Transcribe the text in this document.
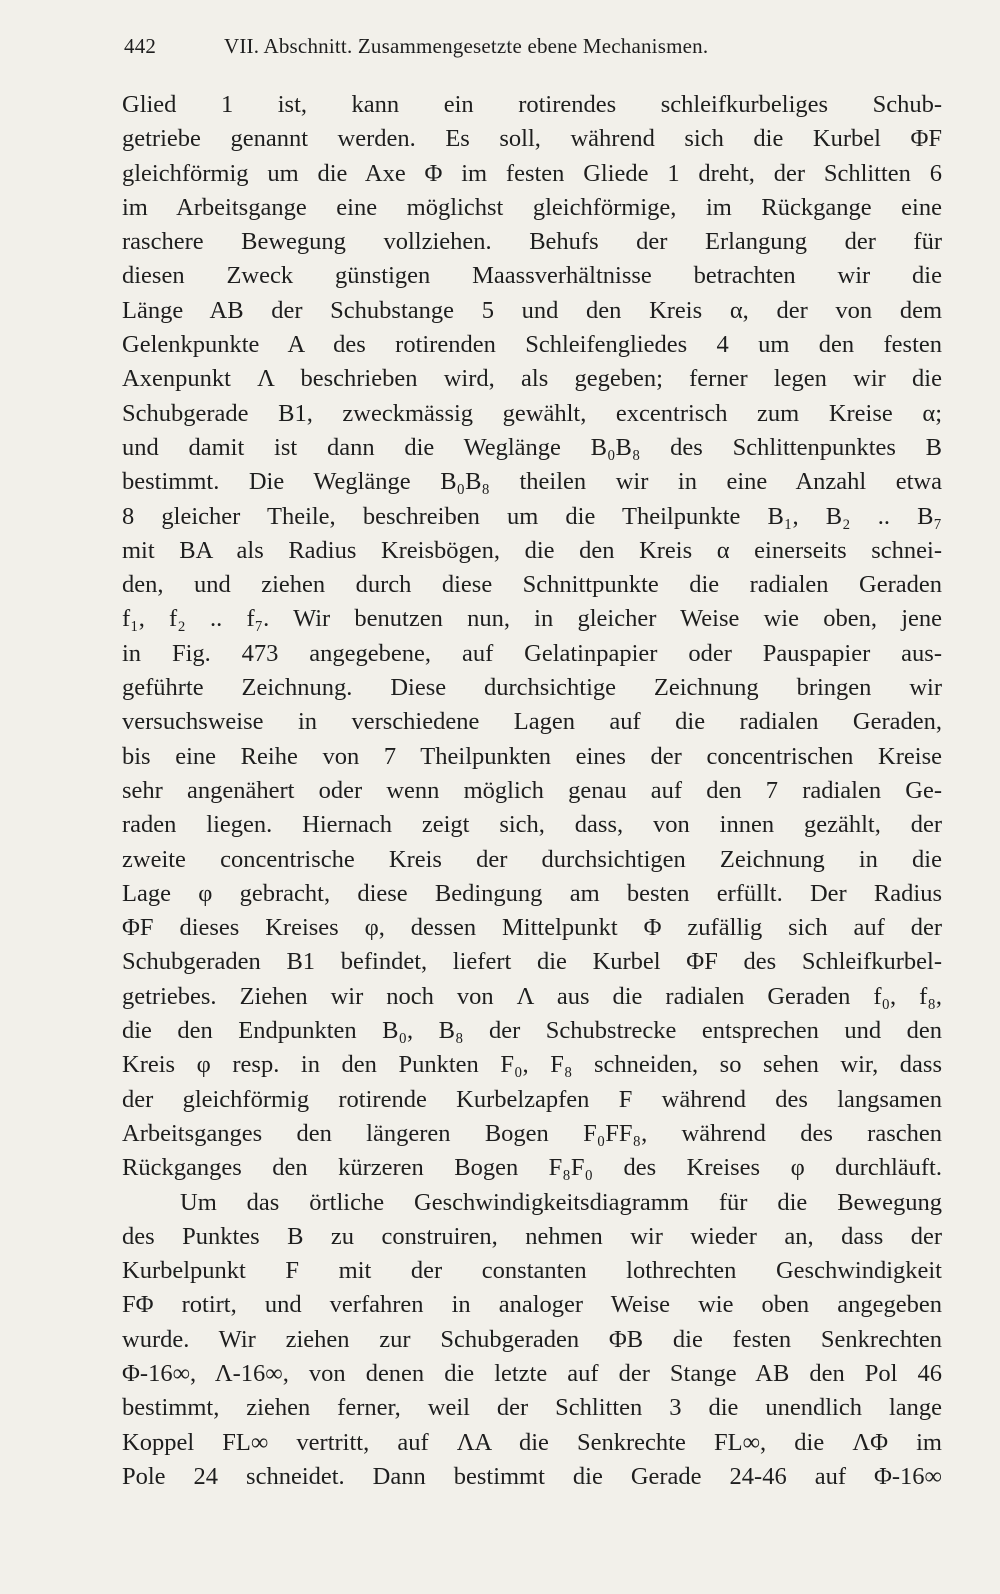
442	VII. Abschnitt. Zusammengesetzte ebene Mechanismen.
Glied 1 ist, kann ein rotirendes schleifkurbeliges Schub-
getriebe genannt werden. Es soll, während sich die Kurbel ΦF
gleichförmig um die Axe Φ im festen Gliede 1 dreht, der Schlitten 6
im Arbeitsgange eine möglichst gleichförmige, im Rückgange eine
raschere Bewegung vollziehen. Behufs der Erlangung der für
diesen Zweck günstigen Maassverhältnisse betrachten wir die
Länge AB der Schubstange 5 und den Kreis α, der von dem
Gelenkpunkte A des rotirenden Schleifengliedes 4 um den festen
Axenpunkt Λ beschrieben wird, als gegeben; ferner legen wir die
Schubgerade B1, zweckmässig gewählt, excentrisch zum Kreise α;
und damit ist dann die Weglänge B₀B₈ des Schlittenpunktes B
bestimmt. Die Weglänge B₀B₈ theilen wir in eine Anzahl etwa
8 gleicher Theile, beschreiben um die Theilpunkte B₁, B₂ .. B₇
mit BA als Radius Kreisbögen, die den Kreis α einerseits schnei-
den, und ziehen durch diese Schnittpunkte die radialen Geraden
f₁, f₂ .. f₇. Wir benutzen nun, in gleicher Weise wie oben, jene
in Fig. 473 angegebene, auf Gelatinpapier oder Pauspapier aus-
geführte Zeichnung. Diese durchsichtige Zeichnung bringen wir
versuchsweise in verschiedene Lagen auf die radialen Geraden,
bis eine Reihe von 7 Theilpunkten eines der concentrischen Kreise
sehr angenähert oder wenn möglich genau auf den 7 radialen Ge-
raden liegen. Hiernach zeigt sich, dass, von innen gezählt, der
zweite concentrische Kreis der durchsichtigen Zeichnung in die
Lage φ gebracht, diese Bedingung am besten erfüllt. Der Radius
ΦF dieses Kreises φ, dessen Mittelpunkt Φ zufällig sich auf der
Schubgeraden B1 befindet, liefert die Kurbel ΦF des Schleifkurbel-
getriebes. Ziehen wir noch von Λ aus die radialen Geraden f₀, f₈,
die den Endpunkten B₀, B₈ der Schubstrecke entsprechen und den
Kreis φ resp. in den Punkten F₀, F₈ schneiden, so sehen wir, dass
der gleichförmig rotirende Kurbelzapfen F während des langsamen
Arbeitsganges den längeren Bogen F₀FF₈, während des raschen
Rückganges den kürzeren Bogen F₈F₀ des Kreises φ durchläuft.
Um das örtliche Geschwindigkeitsdiagramm für die Bewegung
des Punktes B zu construiren, nehmen wir wieder an, dass der
Kurbelpunkt F mit der constanten lothrechten Geschwindigkeit
FΦ rotirt, und verfahren in analoger Weise wie oben angegeben
wurde. Wir ziehen zur Schubgeraden ΦB die festen Senkrechten
Φ-16∞, Λ-16∞, von denen die letzte auf der Stange AB den Pol 46
bestimmt, ziehen ferner, weil der Schlitten 3 die unendlich lange
Koppel FL∞ vertritt, auf ΛA die Senkrechte FL∞, die ΛΦ im
Pole 24 schneidet. Dann bestimmt die Gerade 24-46 auf Φ-16∞
